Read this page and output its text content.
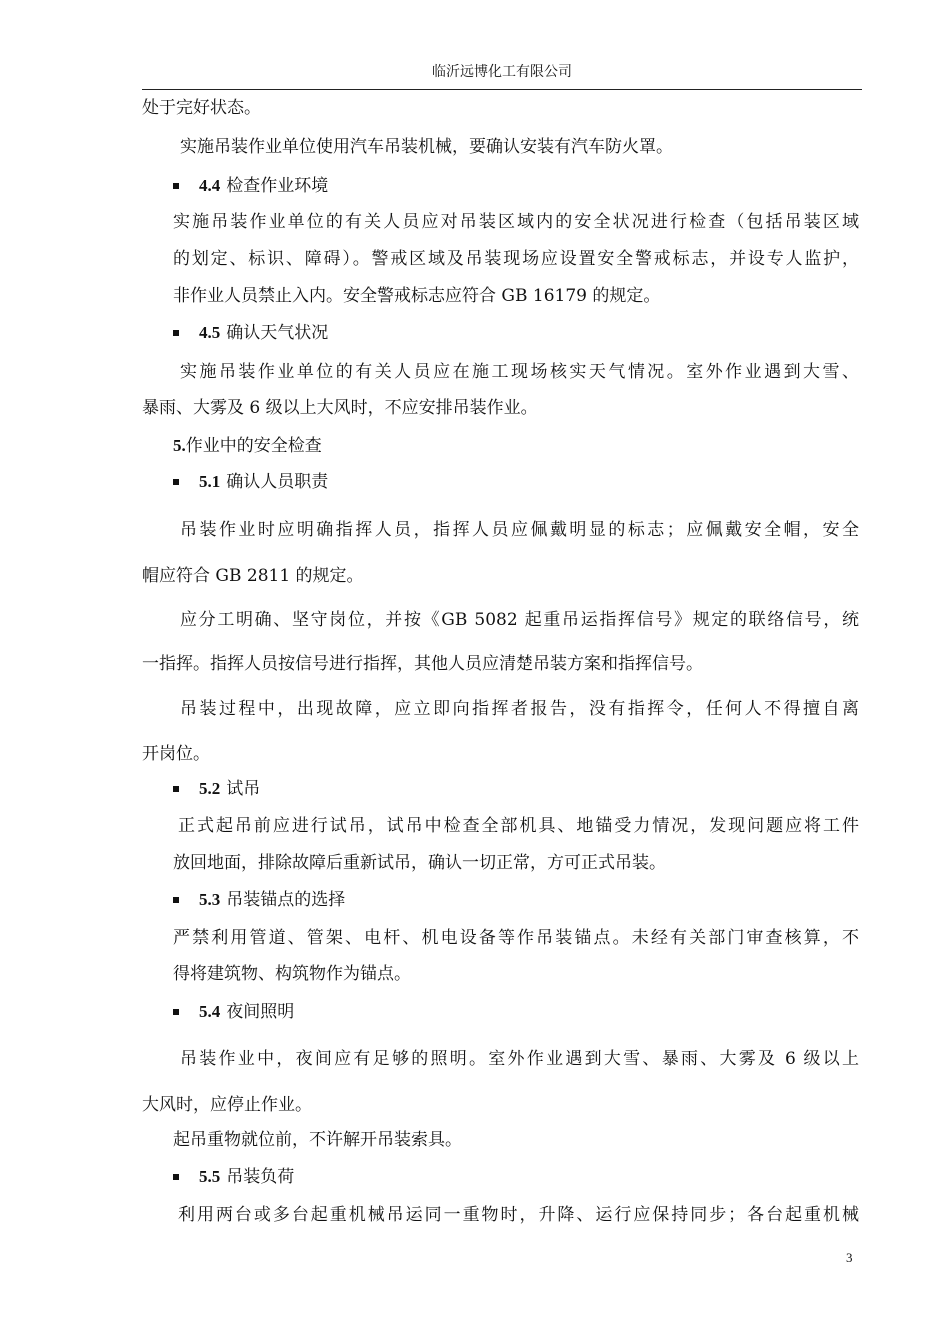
临沂远博化工有限公司
处于完好状态。
实施吊装作业单位使用汽车吊装机械，要确认安装有汽车防火罩。
4.4 检查作业环境
实施吊装作业单位的有关人员应对吊装区域内的安全状况进行检查（包括吊装区域
的划定、标识、障碍）。警戒区域及吊装现场应设置安全警戒标志，并设专人监护，
非作业人员禁止入内。安全警戒标志应符合 GB 16179 的规定。
4.5 确认天气状况
实施吊装作业单位的有关人员应在施工现场核实天气情况。室外作业遇到大雪、
暴雨、大雾及 6 级以上大风时，不应安排吊装作业。
5.作业中的安全检查
5.1 确认人员职责
吊装作业时应明确指挥人员，指挥人员应佩戴明显的标志；应佩戴安全帽，安全
帽应符合 GB 2811 的规定。
应分工明确、坚守岗位，并按《GB 5082 起重吊运指挥信号》规定的联络信号，统
一指挥。指挥人员按信号进行指挥，其他人员应清楚吊装方案和指挥信号。
吊装过程中，出现故障，应立即向指挥者报告，没有指挥令，任何人不得擅自离
开岗位。
5.2 试吊
正式起吊前应进行试吊，试吊中检查全部机具、地锚受力情况，发现问题应将工件
放回地面，排除故障后重新试吊，确认一切正常，方可正式吊装。
5.3 吊装锚点的选择
严禁利用管道、管架、电杆、机电设备等作吊装锚点。未经有关部门审查核算，不
得将建筑物、构筑物作为锚点。
5.4 夜间照明
吊装作业中，夜间应有足够的照明。室外作业遇到大雪、暴雨、大雾及 6 级以上
大风时，应停止作业。
起吊重物就位前，不许解开吊装索具。
5.5 吊装负荷
利用两台或多台起重机械吊运同一重物时，升降、运行应保持同步；各台起重机械
3
